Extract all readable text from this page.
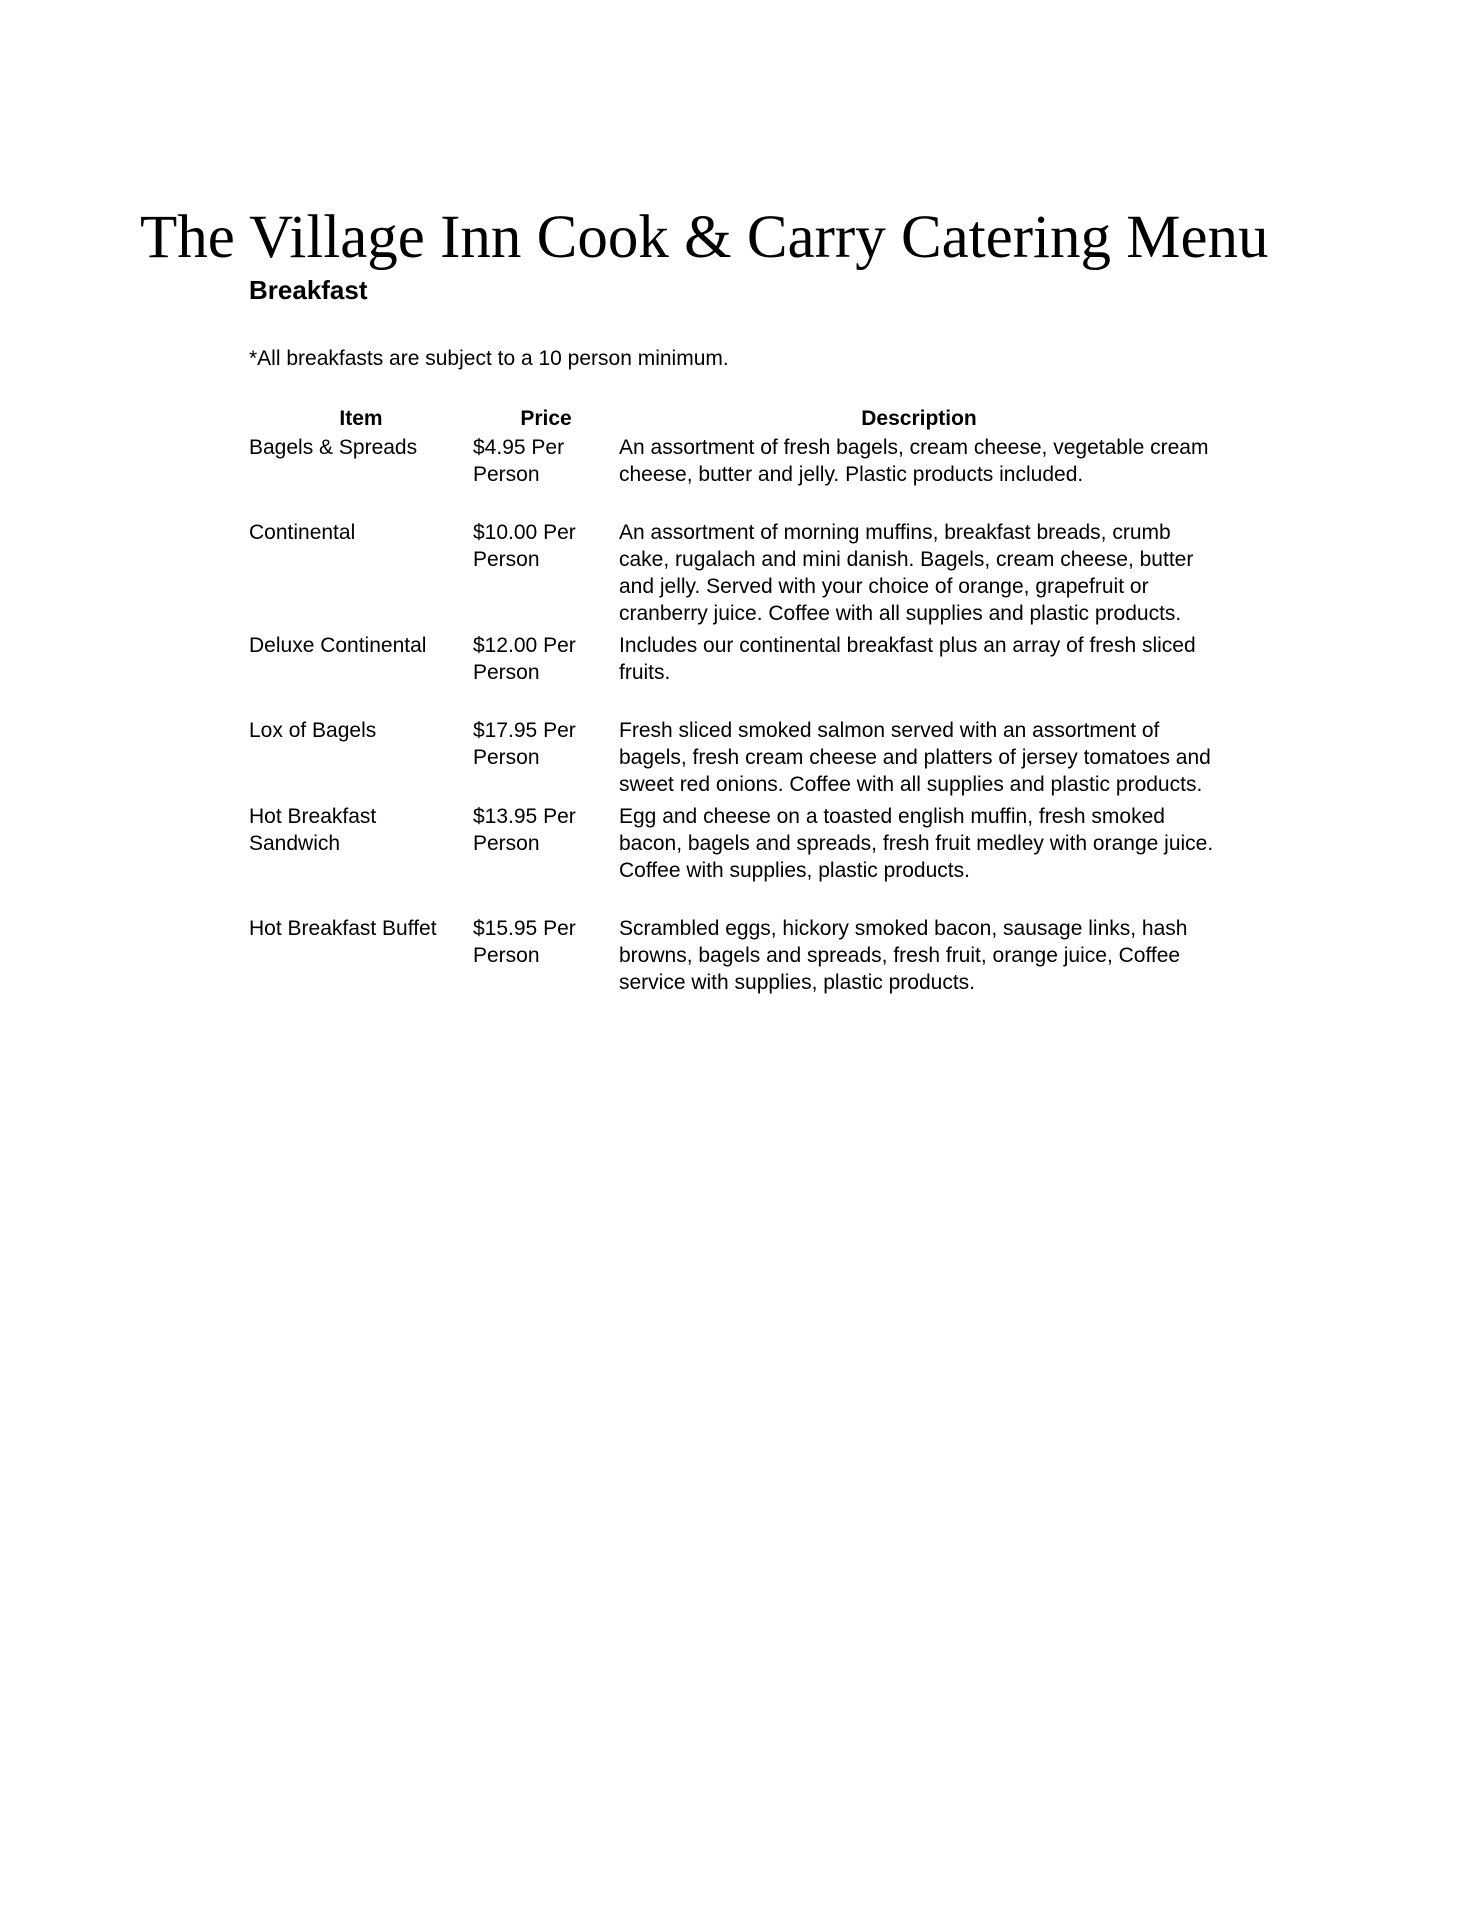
The Village Inn Cook & Carry Catering Menu
Breakfast

*All breakfasts are subject to a 10 person minimum.

Item	Price	Description
Bagels & Spreads	$4.95 Per Person	An assortment of fresh bagels, cream cheese, vegetable cream cheese, butter and jelly. Plastic products included.
Continental	$10.00 Per Person	An assortment of morning muffins, breakfast breads, crumb cake, rugalach and mini danish. Bagels, cream cheese, butter and jelly. Served with your choice of orange, grapefruit or cranberry juice. Coffee with all supplies and plastic products.
Deluxe Continental	$12.00 Per Person	Includes our continental breakfast plus an array of fresh sliced fruits.
Lox of Bagels	$17.95 Per Person	Fresh sliced smoked salmon served with an assortment of bagels, fresh cream cheese and platters of jersey tomatoes and sweet red onions. Coffee with all supplies and plastic products.
Hot Breakfast Sandwich	$13.95 Per Person	Egg and cheese on a toasted english muffin, fresh smoked bacon, bagels and spreads, fresh fruit medley with orange juice. Coffee with supplies, plastic products.
Hot Breakfast Buffet	$15.95 Per Person	Scrambled eggs, hickory smoked bacon, sausage links, hash browns, bagels and spreads, fresh fruit, orange juice, Coffee service with supplies, plastic products.
